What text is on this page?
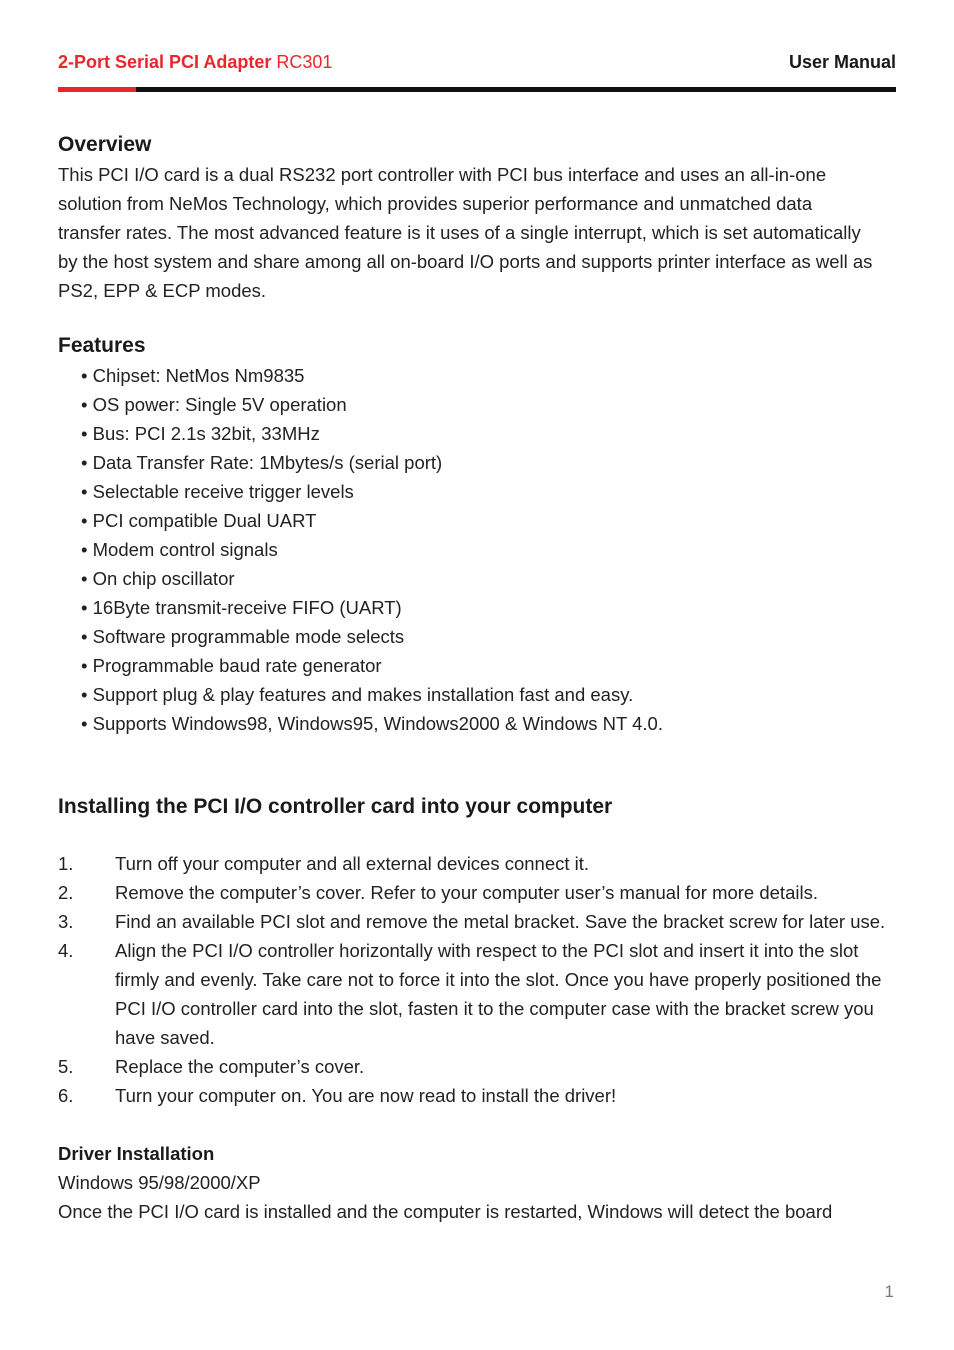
2-Port Serial PCI Adapter RC301	User Manual
Overview

This PCI I/O card is a dual RS232 port controller with PCI bus interface and uses an all-in-one solution from NeMos Technology, which provides superior performance and unmatched data transfer rates. The most advanced feature is it uses of a single interrupt, which is set automatically by the host system and share among all on-board I/O ports and supports printer interface as well as PS2, EPP & ECP modes.

Features
• Chipset: NetMos Nm9835
• OS power: Single 5V operation
• Bus: PCI 2.1s 32bit, 33MHz
• Data Transfer Rate: 1Mbytes/s (serial port)
• Selectable receive trigger levels
• PCI compatible Dual UART
• Modem control signals
• On chip oscillator
• 16Byte transmit-receive FIFO (UART)
• Software programmable mode selects
• Programmable baud rate generator
• Support plug & play features and makes installation fast and easy.
• Supports Windows98, Windows95, Windows2000 & Windows NT 4.0.
Installing the PCI I/O controller card into your computer
1.	Turn off your computer and all external devices connect it.
2.	Remove the computer’s cover. Refer to your computer user’s manual for more details.
3.	Find an available PCI slot and remove the metal bracket. Save the bracket screw for later use.
4.	Align the PCI I/O controller horizontally with respect to the PCI slot and insert it into the slot firmly and evenly. Take care not to force it into the slot. Once you have properly positioned the PCI I/O controller card into the slot, fasten it to the computer case with the bracket screw you have saved.
5.	Replace the computer’s cover.
6.	Turn your computer on. You are now read to install the driver!
Driver Installation

Windows 95/98/2000/XP

Once the PCI I/O card is installed and the computer is restarted, Windows will detect the board

1
